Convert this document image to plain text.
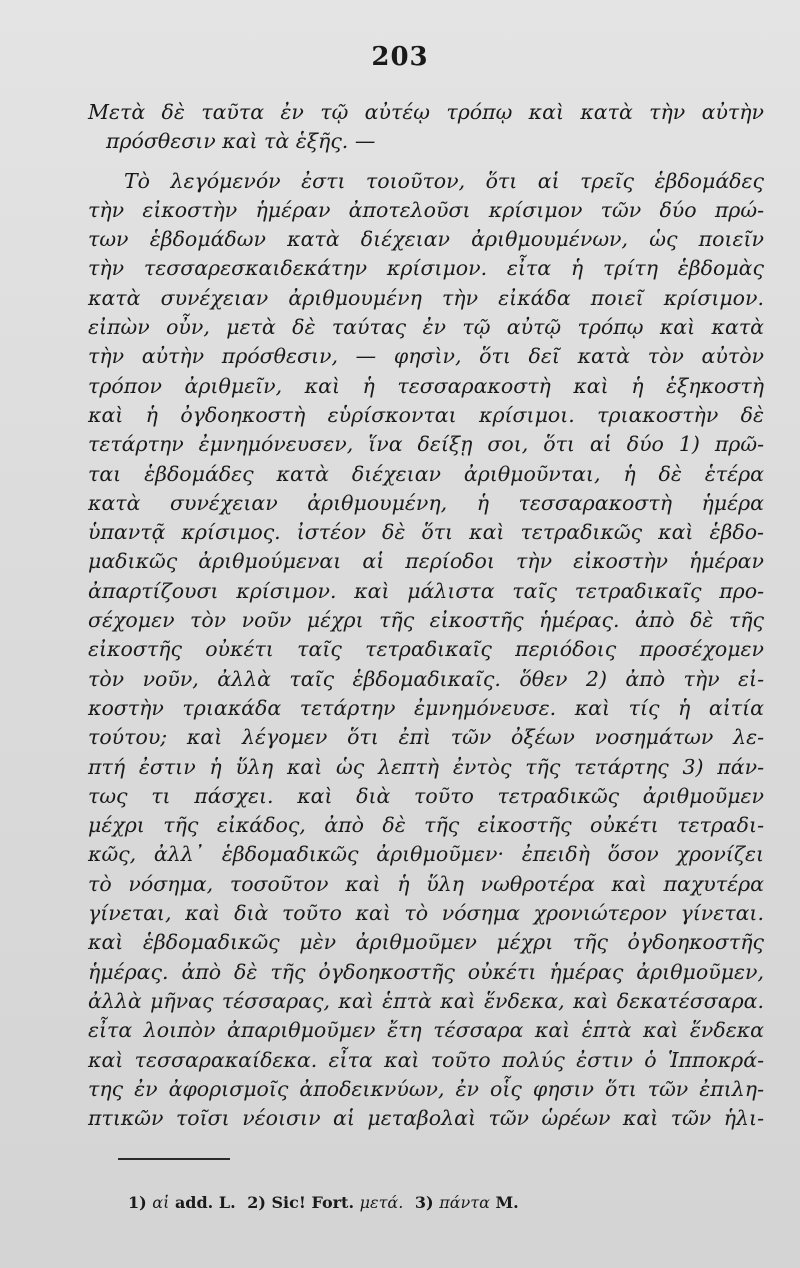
203
Μετὰ δὲ ταῦτα ἐν τῷ αὐτέῳ τρόπῳ καὶ κατὰ τὴν αὐτὴν
πρόσθεσιν καὶ τὰ ἑξῆς. —
Τὸ λεγόμενόν ἐστι τοιοῦτον, ὅτι αἱ τρεῖς ἑβδομάδες
τὴν εἰκοστὴν ἡμέραν ἀποτελοῦσι κρίσιμον τῶν δύο πρώ-
των ἑβδομάδων κατὰ διέχειαν ἀριθμουμένων, ὡς ποιεῖν
τὴν τεσσαρεσκαιδεκάτην κρίσιμον. εἶτα ἡ τρίτη ἑβδομὰς
κατὰ συνέχειαν ἀριθμουμένη τὴν εἰκάδα ποιεῖ κρίσιμον.
εἰπὼν οὖν, μετὰ δὲ ταύτας ἐν τῷ αὐτῷ τρόπῳ καὶ κατὰ
τὴν αὐτὴν πρόσθεσιν, — φησὶν, ὅτι δεῖ κατὰ τὸν αὐτὸν
τρόπον ἀριθμεῖν, καὶ ἡ τεσσαρακοστὴ καὶ ἡ ἑξηκοστὴ
καὶ ἡ ὀγδοηκοστὴ εὑρίσκονται κρίσιμοι. τριακοστὴν δὲ
τετάρτην ἐμνημόνευσεν, ἵνα δείξῃ σοι, ὅτι αἱ δύο 1) πρῶ-
ται ἑβδομάδες κατὰ διέχειαν ἀριθμοῦνται, ἡ δὲ ἑτέρα
κατὰ συνέχειαν ἀριθμουμένη, ἡ τεσσαρακοστὴ ἡμέρα
ὑπαντᾷ κρίσιμος. ἰστέον δὲ ὅτι καὶ τετραδικῶς καὶ ἑβδο-
μαδικῶς ἀριθμούμεναι αἱ περίοδοι τὴν εἰκοστὴν ἡμέραν
ἀπαρτίζουσι κρίσιμον. καὶ μάλιστα ταῖς τετραδικαῖς προ-
σέχομεν τὸν νοῦν μέχρι τῆς εἰκοστῆς ἡμέρας. ἀπὸ δὲ τῆς
εἰκοστῆς οὐκέτι ταῖς τετραδικαῖς περιόδοις προσέχομεν
τὸν νοῦν, ἀλλὰ ταῖς ἑβδομαδικαῖς. ὅθεν 2) ἀπὸ τὴν εἰ-
κοστὴν τριακάδα τετάρτην ἐμνημόνευσε. καὶ τίς ἡ αἰτία
τούτου; καὶ λέγομεν ὅτι ἐπὶ τῶν ὀξέων νοσημάτων λε-
πτή ἐστιν ἡ ὕλη καὶ ὡς λεπτὴ ἐντὸς τῆς τετάρτης 3) πάν-
τως τι πάσχει. καὶ διὰ τοῦτο τετραδικῶς ἀριθμοῦμεν
μέχρι τῆς εἰκάδος, ἀπὸ δὲ τῆς εἰκοστῆς οὐκέτι τετραδι-
κῶς, ἀλλ᾽ ἑβδομαδικῶς ἀριθμοῦμεν· ἐπειδὴ ὅσον χρονίζει
τὸ νόσημα, τοσοῦτον καὶ ἡ ὕλη νωθροτέρα καὶ παχυτέρα
γίνεται, καὶ διὰ τοῦτο καὶ τὸ νόσημα χρονιώτερον γίνεται.
καὶ ἑβδομαδικῶς μὲν ἀριθμοῦμεν μέχρι τῆς ὀγδοηκοστῆς
ἡμέρας. ἀπὸ δὲ τῆς ὀγδοηκοστῆς οὐκέτι ἡμέρας ἀριθμοῦμεν,
ἀλλὰ μῆνας τέσσαρας, καὶ ἑπτὰ καὶ ἕνδεκα, καὶ δεκατέσσαρα.
εἶτα λοιπὸν ἀπαριθμοῦμεν ἔτη τέσσαρα καὶ ἑπτὰ καὶ ἕνδεκα
καὶ τεσσαρακαίδεκα. εἶτα καὶ τοῦτο πολύς ἐστιν ὁ Ἱπποκρά-
της ἐν ἀφορισμοῖς ἀποδεικνύων, ἐν οἷς φησιν ὅτι τῶν ἐπιλη-
πτικῶν τοῖσι νέοισιν αἱ μεταβολαὶ τῶν ὡρέων καὶ τῶν ἡλι-
1) αἱ add. L. 2) Sic! Fort. μετά. 3) πάντα M.
